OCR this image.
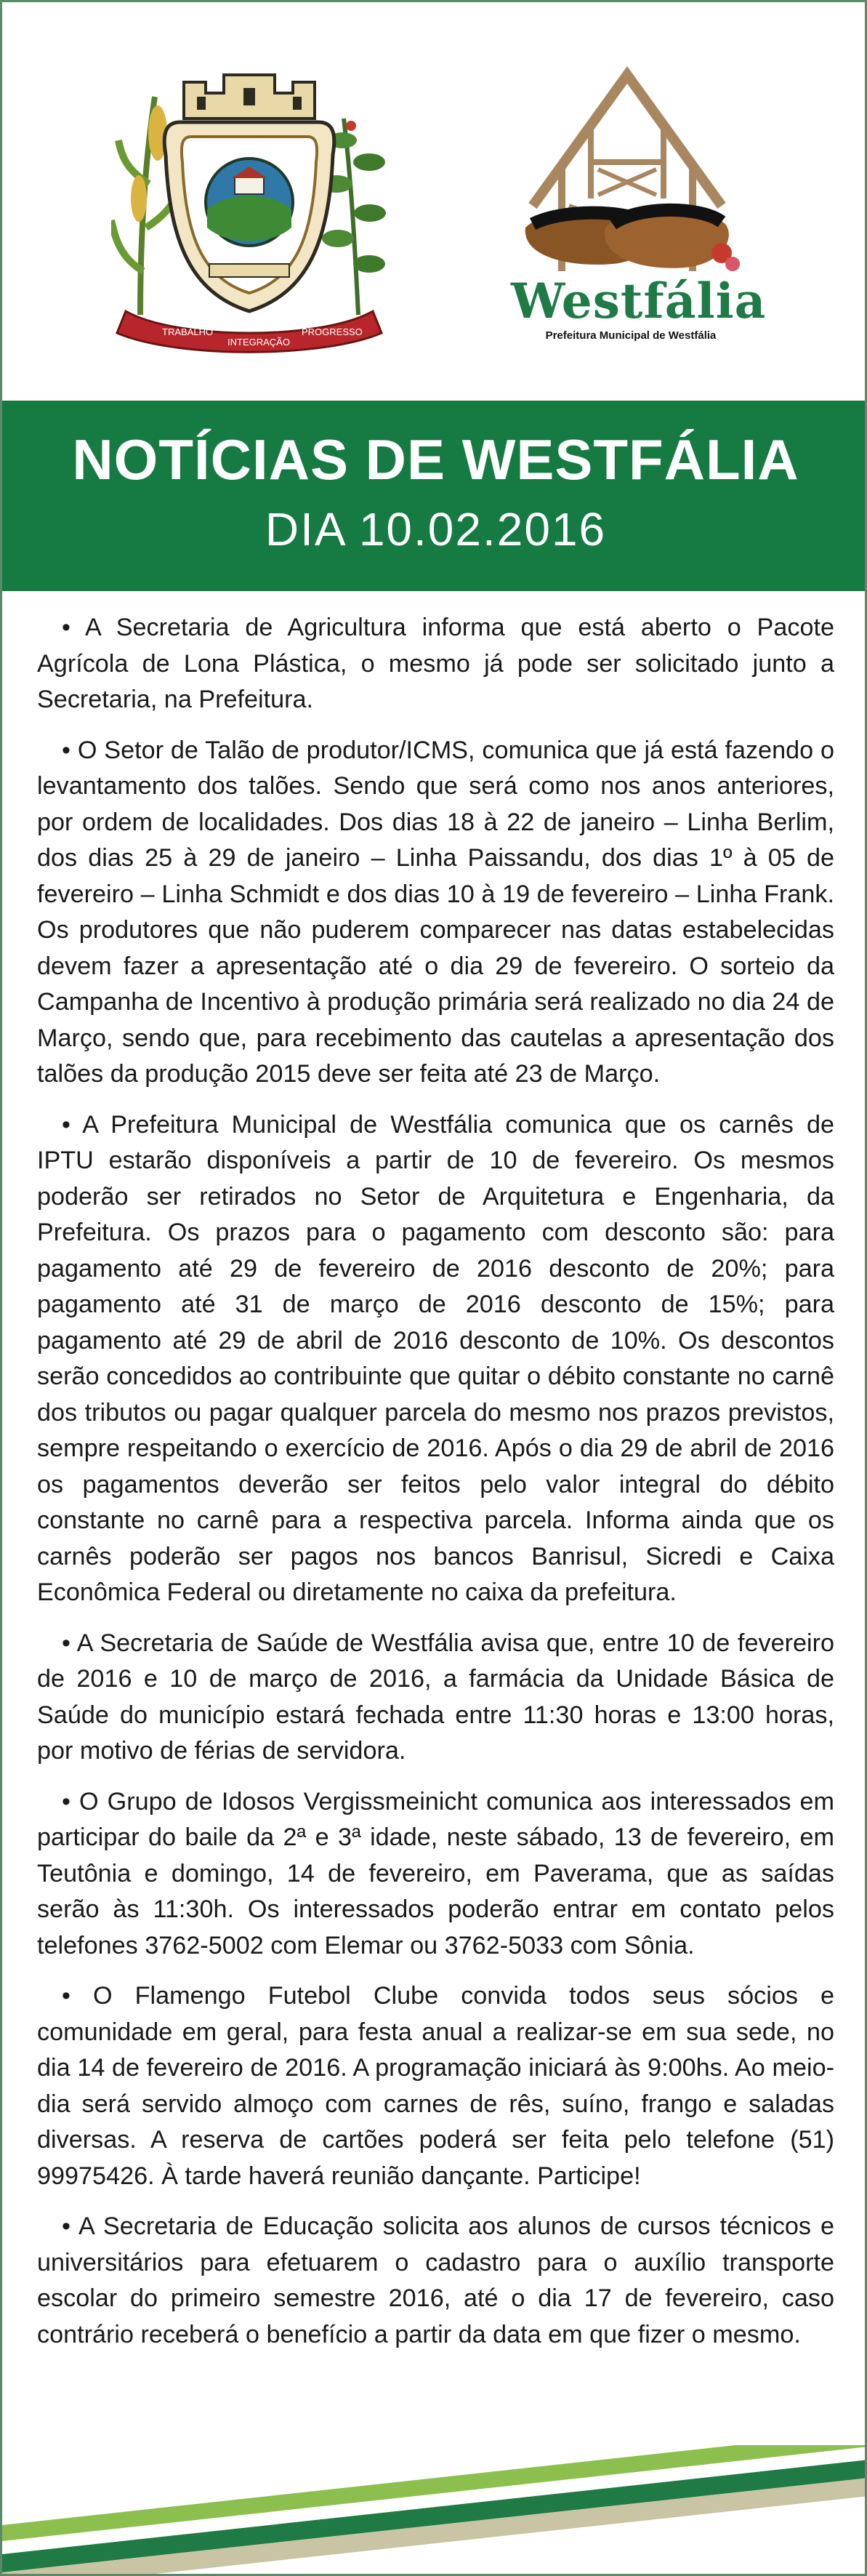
TRABALHO
INTEGRAÇÃO
PROGRESSO
Westfália
Prefeitura Municipal de Westfália
NOTÍCIAS DE WESTFÁLIA
DIA 10.02.2016

• A Secretaria de Agricultura informa que está aberto o Pacote Agrícola de Lona Plástica, o mesmo já pode ser solicitado junto a Secretaria, na Prefeitura.

• O Setor de Talão de produtor/ICMS, comunica que já está fazendo o levantamento dos talões. Sendo que será como nos anos anteriores, por ordem de localidades. Dos dias 18 à 22 de janeiro – Linha Berlim, dos dias 25 à 29 de janeiro – Linha Paissandu, dos dias 1º à 05 de fevereiro – Linha Schmidt e dos dias 10 à 19 de fevereiro – Linha Frank. Os produtores que não puderem comparecer nas datas estabelecidas devem fazer a apresentação até o dia 29 de fevereiro. O sorteio da Campanha de Incentivo à produção primária será realizado no dia 24 de Março, sendo que, para recebimento das cautelas a apresentação dos talões da produção 2015 deve ser feita até 23 de Março.

• A Prefeitura Municipal de Westfália comunica que os carnês de IPTU estarão disponíveis a partir de 10 de fevereiro. Os mesmos poderão ser retirados no Setor de Arquitetura e Engenharia, da Prefeitura. Os prazos para o pagamento com desconto são: para pagamento até 29 de fevereiro de 2016 desconto de 20%; para pagamento até 31 de março de 2016 desconto de 15%; para pagamento até 29 de abril de 2016 desconto de 10%. Os descontos serão concedidos ao contribuinte que quitar o débito constante no carnê dos tributos ou pagar qualquer parcela do mesmo nos prazos previstos, sempre respeitando o exercício de 2016. Após o dia 29 de abril de 2016 os pagamentos deverão ser feitos pelo valor integral do débito constante no carnê para a respectiva parcela. Informa ainda que os carnês poderão ser pagos nos bancos Banrisul, Sicredi e Caixa Econômica Federal ou diretamente no caixa da prefeitura.

• A Secretaria de Saúde de Westfália avisa que, entre 10 de fevereiro de 2016 e 10 de março de 2016, a farmácia da Unidade Básica de Saúde do município estará fechada entre 11:30 horas e 13:00 horas, por motivo de férias de servidora.

• O Grupo de Idosos Vergissmeinicht comunica aos interessados em participar do baile da 2ª e 3ª idade, neste sábado, 13 de fevereiro, em Teutônia e domingo, 14 de fevereiro, em Paverama, que as saídas serão às 11:30h. Os interessados poderão entrar em contato pelos telefones 3762-5002 com Elemar ou 3762-5033 com Sônia.

• O Flamengo Futebol Clube convida todos seus sócios e comunidade em geral, para festa anual a realizar-se em sua sede, no dia 14 de fevereiro de 2016. A programação iniciará às 9:00hs. Ao meio-dia será servido almoço com carnes de rês, suíno, frango e saladas diversas. A reserva de cartões poderá ser feita pelo telefone (51) 99975426. À tarde haverá reunião dançante. Participe!

• A Secretaria de Educação solicita aos alunos de cursos técnicos e universitários para efetuarem o cadastro para o auxílio transporte escolar do primeiro semestre 2016, até o dia 17 de fevereiro, caso contrário receberá o benefício a partir da data em que fizer o mesmo.
